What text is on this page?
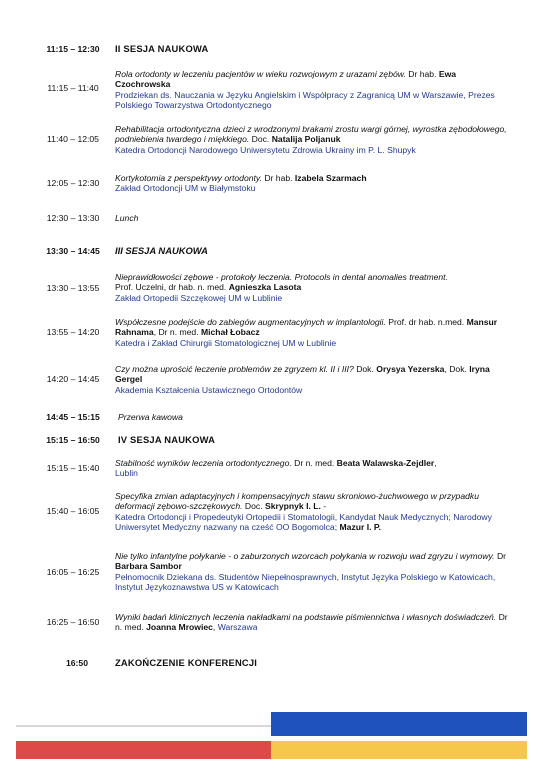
11:15 – 12:30	II SESJA NAUKOWA
11:15 – 11:40
Rola ortodonty w leczeniu pacjentów w wieku rozwojowym z urazami zębów. Dr hab. Ewa Czochrowska
Prodziekan ds. Nauczania w Języku Angielskim i Współpracy z Zagranicą UM w Warszawie, Prezes Polskiego Towarzystwa Ortodontycznego
11:40 – 12:05
Rehabilitacja ortodontyczna dzieci z wrodzonymi brakami zrostu wargi górnej, wyrostka zębodołowego, podniebienia twardego i miękkiego. Doc. Natalija Poljanuk
Katedra Ortodoncji Narodowego Uniwersytetu Zdrowia Ukrainy im P. L. Shupyk
12:05 – 12:30	Kortykotomia z perspektywy ortodonty. Dr hab. Izabela Szarmach
Zakład Ortodoncji UM w Białymstoku
12:30 – 13:30	Lunch
13:30 – 14:45	III SESJA NAUKOWA
13:30 – 13:55
Nieprawidłowości zębowe - protokoły leczenia. Protocols in dental anomalies treatment.
Prof. Uczelni, dr hab. n. med. Agnieszka Lasota
Zakład Ortopedii Szczękowej UM w Lublinie
13:55 – 14:20
Współczesne podejście do zabiegów augmentacyjnych w implantologii. Prof. dr hab. n.med. Mansur Rahnama, Dr n. med. Michał Łobacz
Katedra i Zakład Chirurgii Stomatologicznej UM w Lublinie
14:20 – 14:45
Czy można uprościć leczenie problemów ze zgryzem kl. II i III? Dok. Orysya Yezerska, Dok. Iryna Gergel
Akademia Kształcenia Ustawicznego Ortodontów
14:45 – 15:15	Przerwa kawowa
15:15 – 16:50	IV SESJA NAUKOWA
15:15 – 15:40	Stabilność wyników leczenia ortodontycznego. Dr n. med. Beata Walawska-Zejdler,
Lublin
15:40 – 16:05
Specyfika zmian adaptacyjnych i kompensacyjnych stawu skroniowo-żuchwowego w przypadku deformacji zębowo-szczękowych. Doc. Skrypnyk I. L. -
Katedra Ortodoncji i Propedeutyki Ortopedii i Stomatologii, Kandydat Nauk Medycznych; Narodowy Uniwersytet Medyczny nazwany na cześć OO Bogomolca; Mazur I. P.
16:05 – 16:25
Nie tylko infantylne połykanie - o zaburzonych wzorcach połykania w rozwoju wad zgryzu i wymowy. Dr Barbara Sambor
Pełnomocnik Dziekana ds. Studentów Niepełnosprawnych, Instytut Języka Polskiego w Katowicach, Instytut Językoznawstwa US w Katowicach
16:25 – 16:50	Wyniki badań klinicznych leczenia nakładkami na podstawie piśmiennictwa i własnych doświadczeń. Dr n. med. Joanna Mrowiec, Warszawa
16:50	ZAKOŃCZENIE KONFERENCJI
